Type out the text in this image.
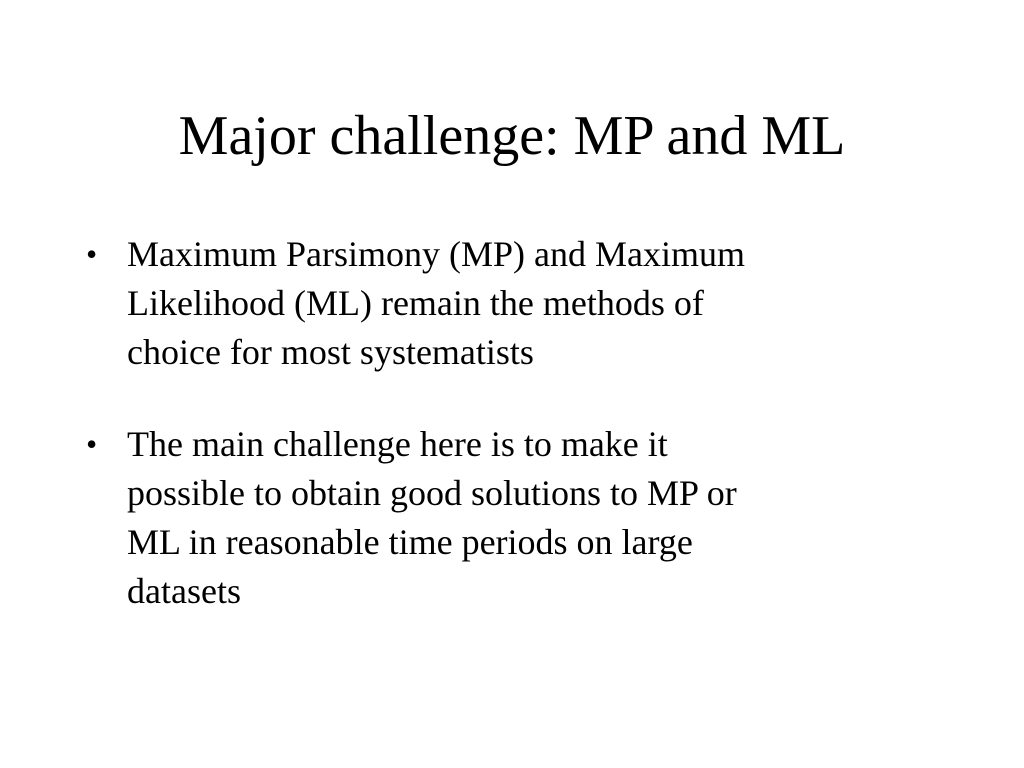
Major challenge: MP and ML
• Maximum Parsimony (MP) and Maximum
Likelihood (ML) remain the methods of
choice for most systematists
• The main challenge here is to make it
possible to obtain good solutions to MP or
ML in reasonable time periods on large
datasets
